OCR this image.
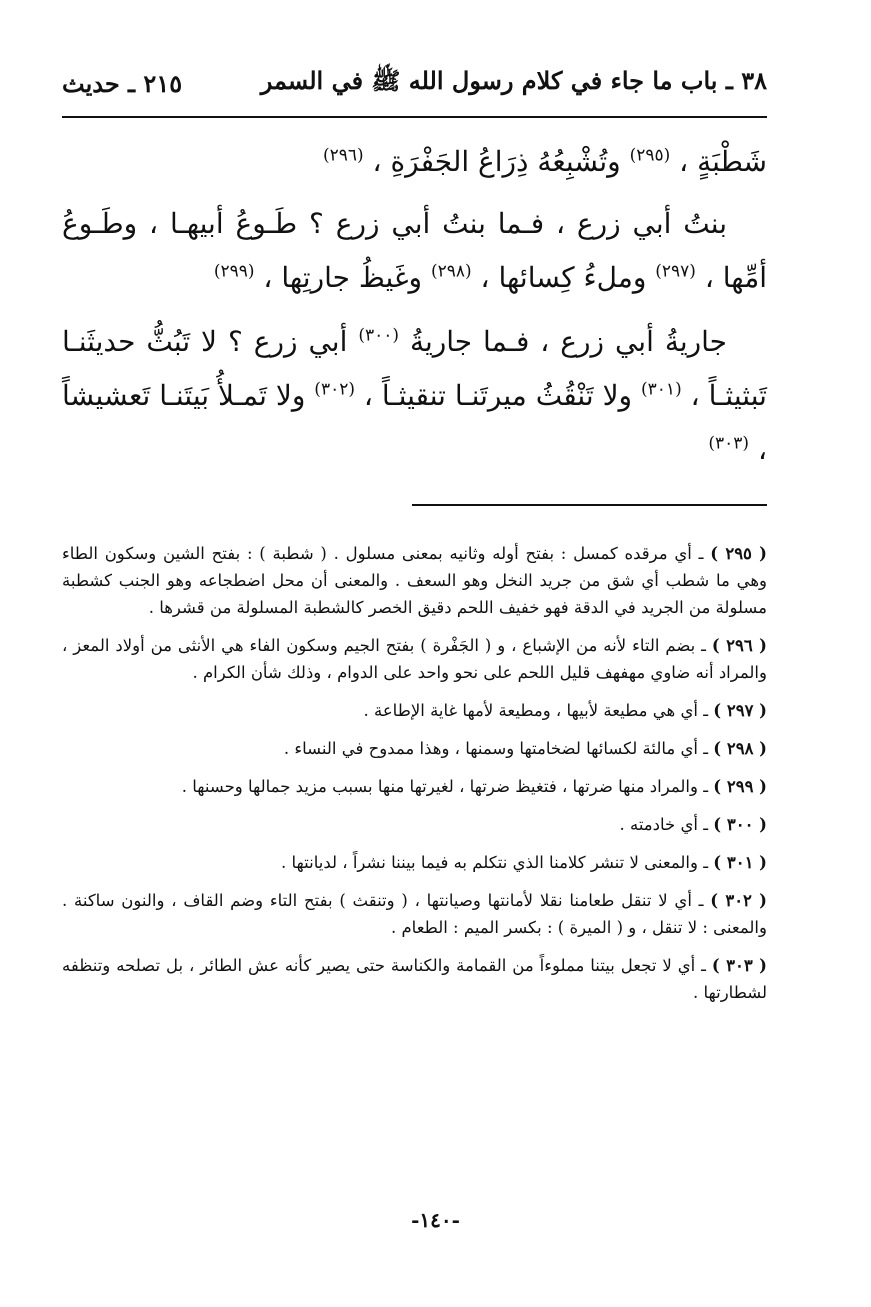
٣٨ ـ باب ما جاء في كلام رسول الله ﷺ في السمر
٢١٥ ـ حديث

شَطْبَةٍ ، $^{(٢٩٥)}$ وتُشْبِعُهُ ذِرَاعُ الجَفْرَةِ ، $^{(٢٩٦)}$

بنتُ أبي زرع ، فـما بنتُ أبي زرع ؟ طَـوعُ أبيهـا ، وطَـوعُ أمِّها ، $^{(٢٩٧)}$ وملءُ كِسائها ، $^{(٢٩٨)}$ وغَيظُ جارتِها ، $^{(٢٩٩)}$

جاريةُ أبي زرع ، فـما جاريةُ $^{(٣٠٠)}$ أبي زرع ؟ لا تَبُثُّ حديثَنـا تَبثيثـاً ، $^{(٣٠١)}$ ولا تَنْقُثُ ميرتَنـا تنقيثـاً ، $^{(٣٠٢)}$ ولا تَمـلأُ بَيتَنـا تَعشيشاً ، $^{(٣٠٣)}$

( ٢٩٥ ) ـ أي مرقده كمسل : بفتح أوله وثانيه بمعنى مسلول . ( شطبة ) : بفتح الشين وسكون الطاء وهي ما شطب أي شق من جريد النخل وهو السعف . والمعنى أن محل اضطجاعه وهو الجنب كشطبة مسلولة من الجريد في الدقة فهو خفيف اللحم دقيق الخصر كالشطبة المسلولة من قشرها .

( ٢٩٦ ) ـ بضم التاء لأنه من الإشباع ، و ( الجَفْرة ) بفتح الجيم وسكون الفاء هي الأنثى من أولاد المعز ، والمراد أنه ضاوي مهفهف قليل اللحم على نحو واحد على الدوام ، وذلك شأن الكرام .

( ٢٩٧ ) ـ أي هي مطيعة لأبيها ، ومطيعة لأمها غاية الإطاعة .

( ٢٩٨ ) ـ أي مالئة لكسائها لضخامتها وسمنها ، وهذا ممدوح في النساء .

( ٢٩٩ ) ـ والمراد منها ضرتها ، فتغيظ ضرتها ، لغيرتها منها بسبب مزيد جمالها وحسنها .

( ٣٠٠ ) ـ أي خادمته .

( ٣٠١ ) ـ والمعنى لا تنشر كلامنا الذي نتكلم به فيما بيننا نشراً ، لديانتها .

( ٣٠٢ ) ـ أي لا تنقل طعامنا نقلا لأمانتها وصيانتها ، ( وتنقث ) بفتح التاء وضم القاف ، والنون ساكنة . والمعنى : لا تنقل ، و ( الميرة ) : بكسر الميم : الطعام .

( ٣٠٣ ) ـ أي لا تجعل بيتنا مملوءاً من القمامة والكناسة حتى يصير كأنه عش الطائر ، بل تصلحه وتنظفه لشطارتها .

-١٤٠-
